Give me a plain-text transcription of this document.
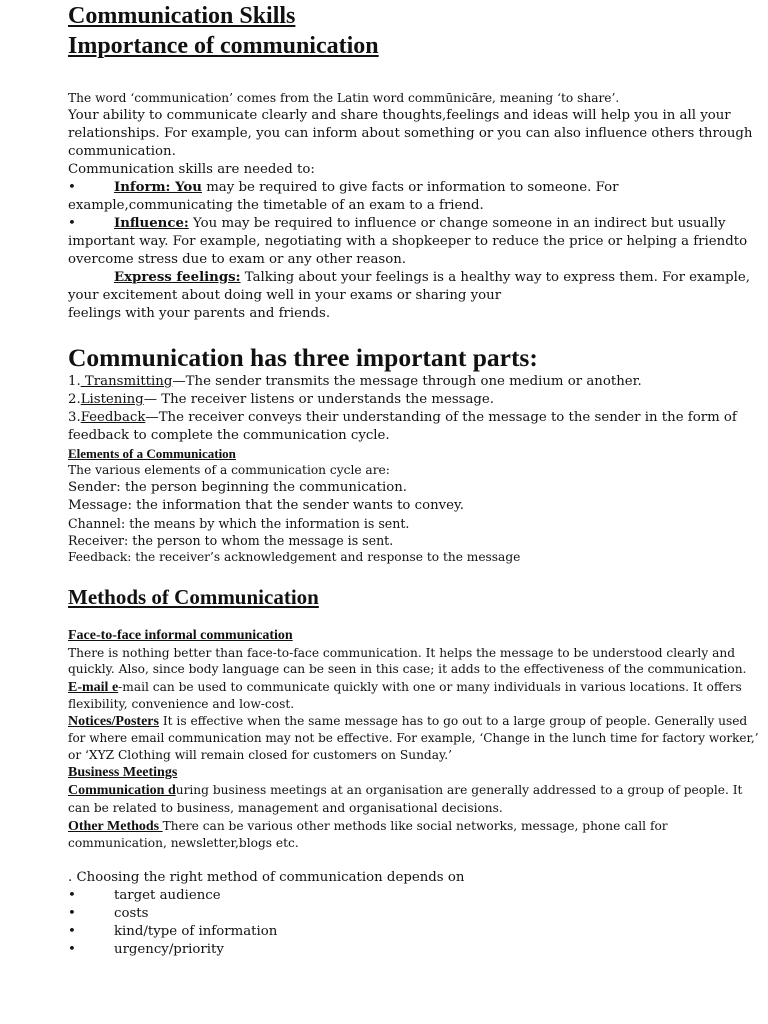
Communication Skills
Importance of communication
The word ‘communication’ comes from the Latin word commūnicāre, meaning ‘to share’.
Your ability to communicate clearly and share thoughts,feelings and ideas will help you in all your
relationships. For example, you can inform about something or you can also influence others through
communication.
Communication skills are needed to:
•	Inform: You may be required to give facts or information to someone. For
example,communicating the timetable of an exam to a friend.
•	Influence: You may be required to influence or change someone in an indirect but usually
important way. For example, negotiating with a shopkeeper to reduce the price or helping a friendto
overcome stress due to exam or any other reason.
Express feelings: Talking about your feelings is a healthy way to express them. For example,
your excitement about doing well in your exams or sharing your
feelings with your parents and friends.
Communication has three important parts:
1. Transmitting—The sender transmits the message through one medium or another.
2.Listening— The receiver listens or understands the message.
3.Feedback—The receiver conveys their understanding of the message to the sender in the form of
feedback to complete the communication cycle.
Elements of a Communication
The various elements of a communication cycle are:
Sender: the person beginning the communication.
Message: the information that the sender wants to convey.
Channel: the means by which the information is sent.
Receiver: the person to whom the message is sent.
Feedback: the receiver’s acknowledgement and response to the message
Methods of Communication
Face-to-face informal communication
There is nothing better than face-to-face communication. It helps the message to be understood clearly and
quickly. Also, since body language can be seen in this case; it adds to the effectiveness of the communication.
E-mail e-mail can be used to communicate quickly with one or many individuals in various locations. It offers
flexibility, convenience and low-cost.
Notices/Posters It is effective when the same message has to go out to a large group of people. Generally used
for where email communication may not be effective. For example, ‘Change in the lunch time for factory worker,’
or ‘XYZ Clothing will remain closed for customers on Sunday.’
Business Meetings
Communication during business meetings at an organisation are generally addressed to a group of people. It
can be related to business, management and organisational decisions.
Other Methods There can be various other methods like social networks, message, phone call for
communication, newsletter,blogs etc.
. Choosing the right method of communication depends on
•	target audience
•	costs
•	kind/type of information
•	urgency/priority
